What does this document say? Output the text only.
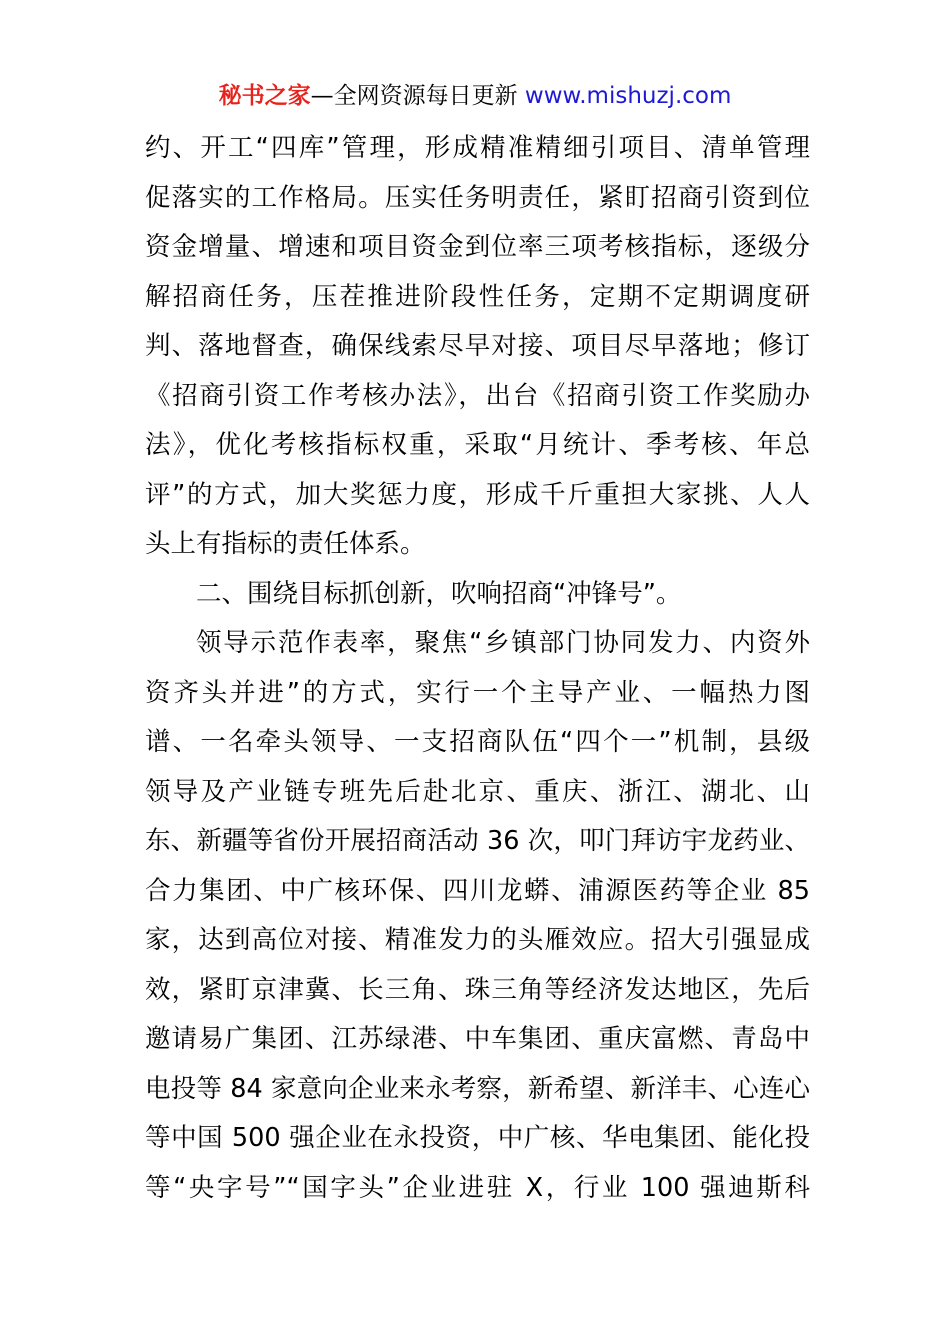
秘书之家—全网资源每日更新 www.mishuzj.com
约、开工“四库”管理，形成精准精细引项目、清单管理
促落实的工作格局。压实任务明责任，紧盯招商引资到位
资金增量、增速和项目资金到位率三项考核指标，逐级分
解招商任务，压茬推进阶段性任务，定期不定期调度研
判、落地督查，确保线索尽早对接、项目尽早落地；修订
《招商引资工作考核办法》，出台《招商引资工作奖励办
法》，优化考核指标权重，采取“月统计、季考核、年总
评”的方式，加大奖惩力度，形成千斤重担大家挑、人人
头上有指标的责任体系。
二、围绕目标抓创新，吹响招商“冲锋号”。
领导示范作表率，聚焦“乡镇部门协同发力、内资外
资齐头并进”的方式，实行一个主导产业、一幅热力图
谱、一名牵头领导、一支招商队伍“四个一”机制，县级
领导及产业链专班先后赴北京、重庆、浙江、湖北、山
东、新疆等省份开展招商活动 36 次，叩门拜访宇龙药业、
合力集团、中广核环保、四川龙蟒、浦源医药等企业 85
家，达到高位对接、精准发力的头雁效应。招大引强显成
效，紧盯京津冀、长三角、珠三角等经济发达地区，先后
邀请易广集团、江苏绿港、中车集团、重庆富燃、青岛中
电投等 84 家意向企业来永考察，新希望、新洋丰、心连心
等中国 500 强企业在永投资，中广核、华电集团、能化投
等“央字号”“国字头”企业进驻 X，行业 100 强迪斯科
